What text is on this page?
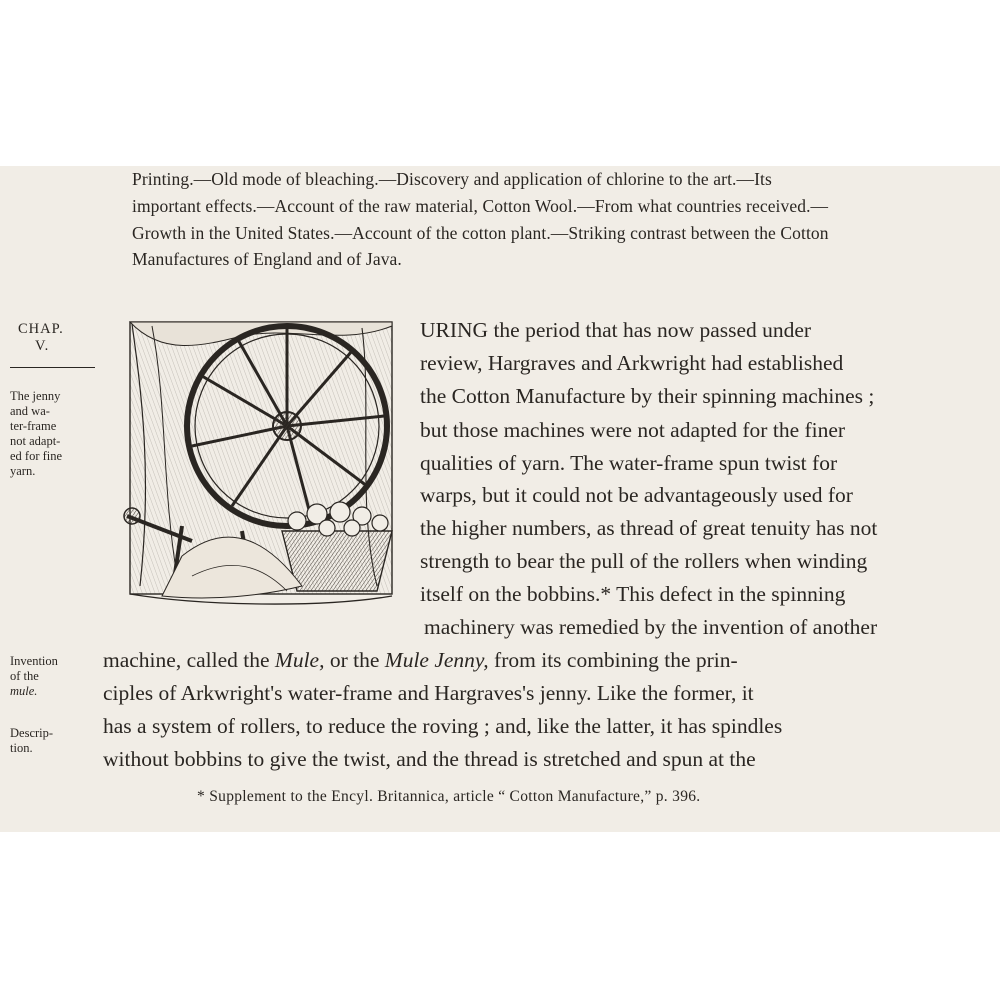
Printing.—Old mode of bleaching.—Discovery and application of chlorine to the art.—Its
important effects.—Account of the raw material, Cotton Wool.—From what countries received.—
Growth in the United States.—Account of the cotton plant.—Striking contrast between the Cotton
Manufactures of England and of Java.
CHAP.
V.
The jenny
and wa-
ter-frame
not adapt-
ed for fine
yarn.
Invention
of the
mule.
Descrip-
tion.
URING the period that has now passed under
review, Hargraves and Arkwright had established
the Cotton Manufacture by their spinning machines ;
but those machines were not adapted for the finer
qualities of yarn. The water-frame spun twist for
warps, but it could not be advantageously used for
the higher numbers, as thread of great tenuity has not
strength to bear the pull of the rollers when winding
itself on the bobbins.* This defect in the spinning
machinery was remedied by the invention of another
machine, called the Mule, or the Mule Jenny, from its combining the prin-
ciples of Arkwright's water-frame and Hargraves's jenny. Like the former, it
has a system of rollers, to reduce the roving ; and, like the latter, it has spindles
without bobbins to give the twist, and the thread is stretched and spun at the
* Supplement to the Encyl. Britannica, article “ Cotton Manufacture,” p. 396.
